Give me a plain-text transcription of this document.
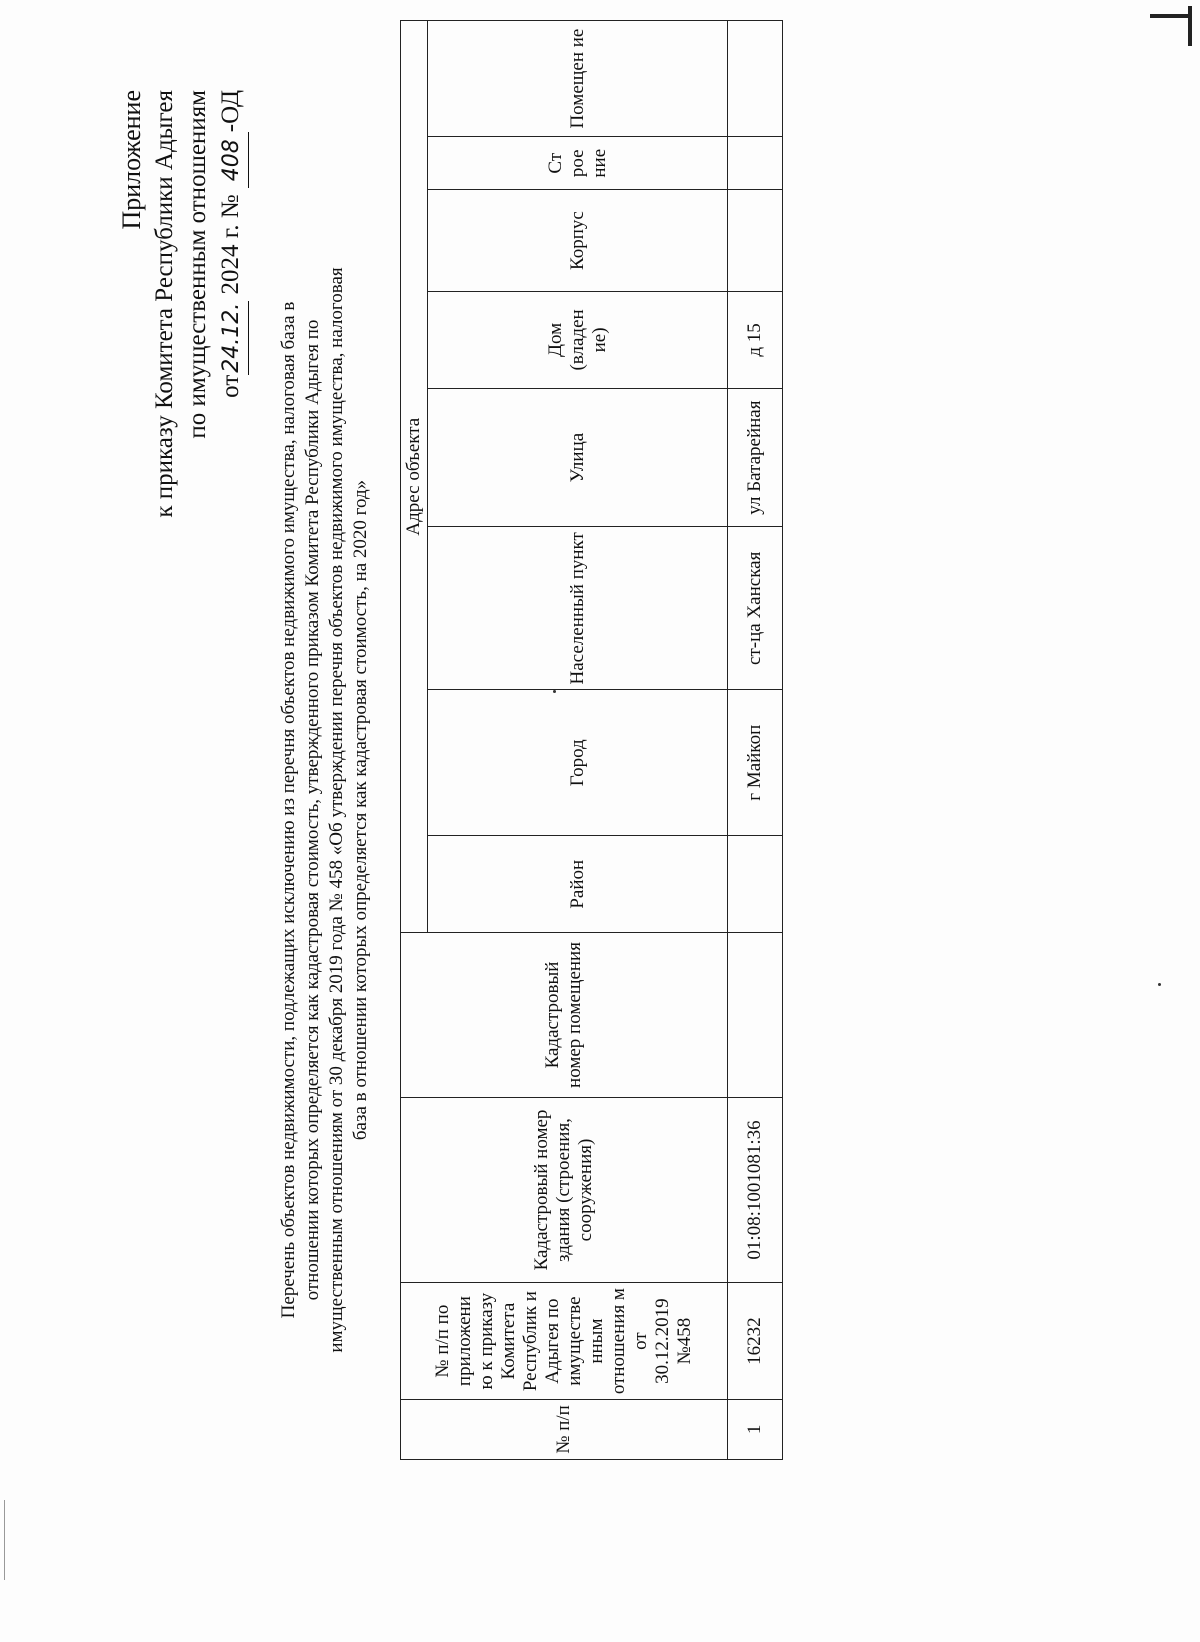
Приложение к приказу Комитета Республики Адыгея по имущественным отношениям от24.12. 2024 г. № 408-ОД
Перечень объектов недвижимости, подлежащих исключению из перечня объектов недвижимого имущества, налоговая база в отношении которых определяется как кадастровая стоимость, утвержденного приказом Комитета Республики Адыгея по имущественным отношениям от 30 декабря 2019 года № 458 «Об утверждении перечня объектов недвижимого имущества, налоговая база в отношении которых определяется как кадастровая стоимость, на 2020 год»
№ п/п	№ п/п по приложени ю к приказу Комитета Республик и Адыгея по имуществе нным отношения м от 30.12.2019 №458	Кадастровый номер здания (строения, сооружения)	Кадастровый номер помещения	Адрес объекта							
				Район	Город	Населенный пункт	Улица	Дом (владен ие)	Корпус	Ст рое ние	Помещен ие
1	16232	01:08:1001081:36			г Майкоп	ст-ца Ханская	ул Батарейная	д 15			
